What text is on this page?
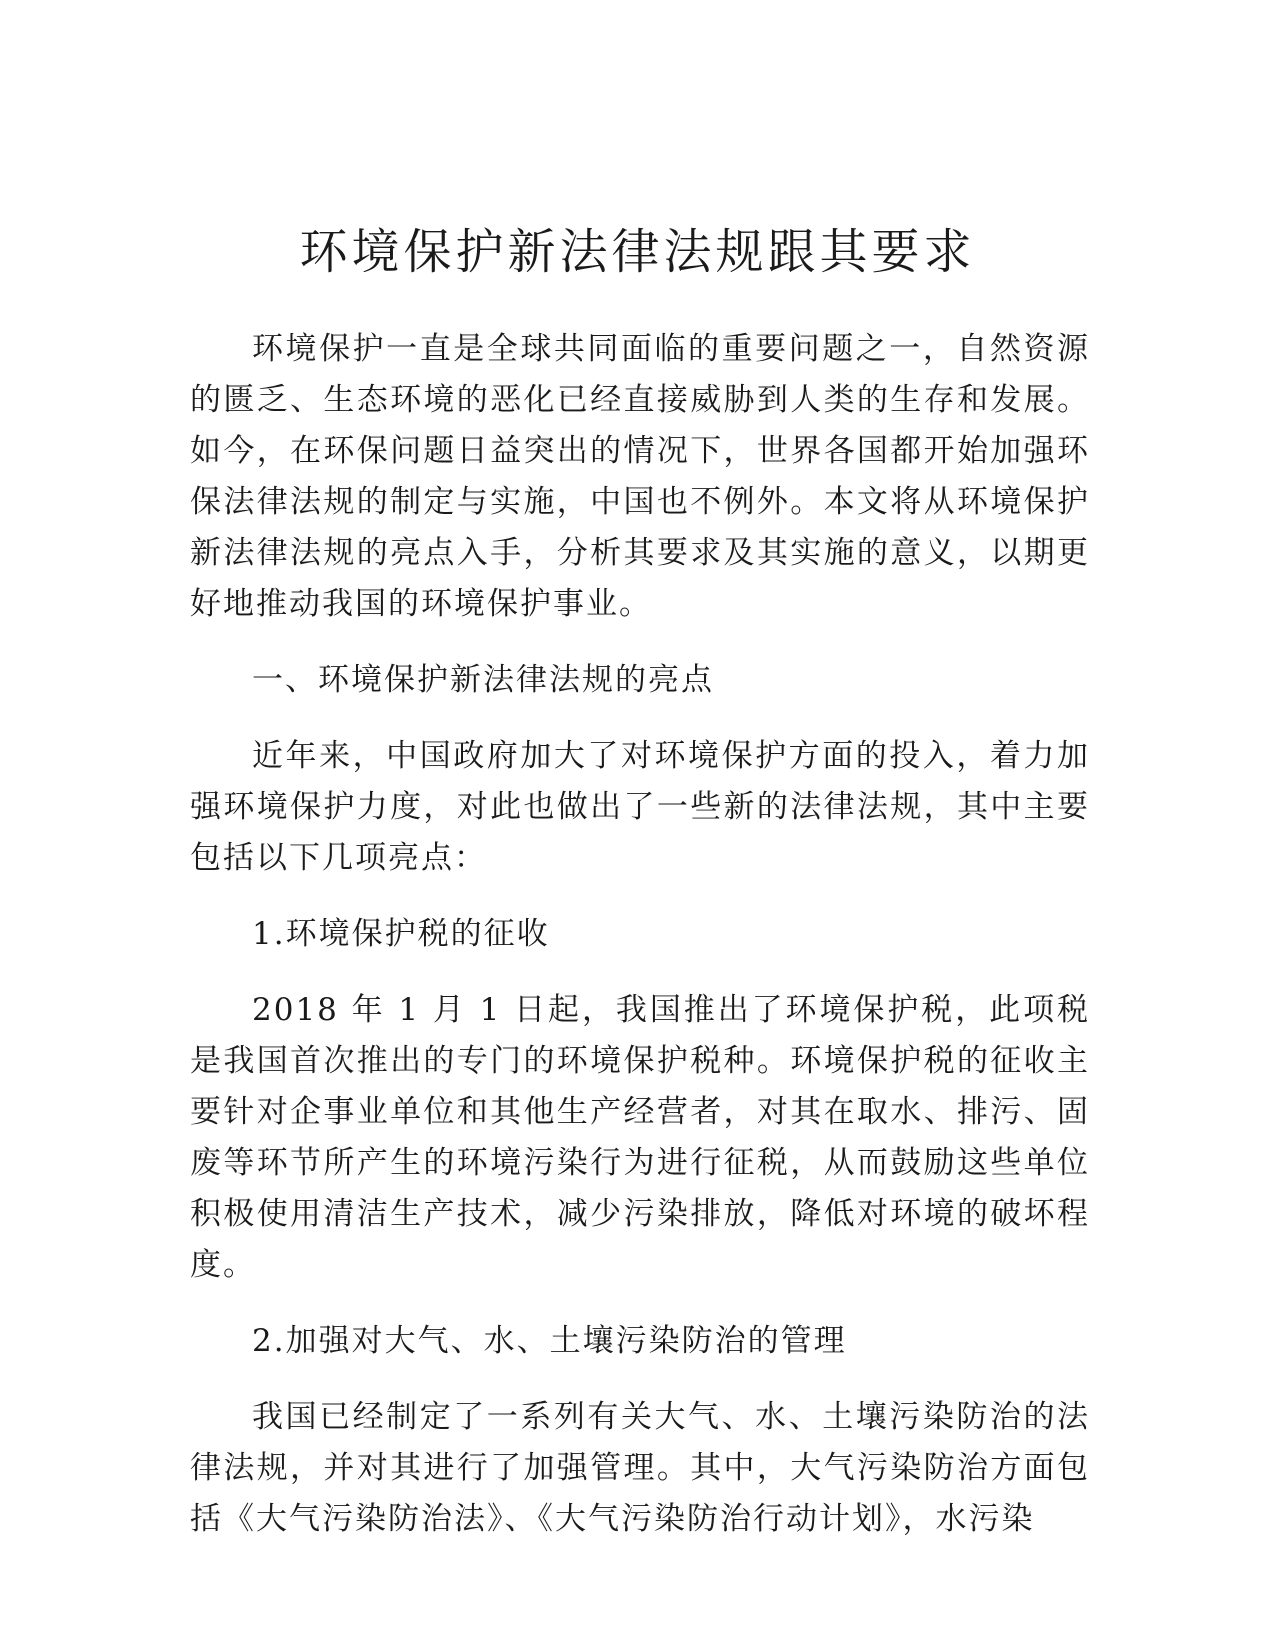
环境保护新法律法规跟其要求

环境保护一直是全球共同面临的重要问题之一，自然资源的匮乏、生态环境的恶化已经直接威胁到人类的生存和发展。如今，在环保问题日益突出的情况下，世界各国都开始加强环保法律法规的制定与实施，中国也不例外。本文将从环境保护新法律法规的亮点入手，分析其要求及其实施的意义，以期更好地推动我国的环境保护事业。

一、环境保护新法律法规的亮点

近年来，中国政府加大了对环境保护方面的投入，着力加强环境保护力度，对此也做出了一些新的法律法规，其中主要包括以下几项亮点：

1.环境保护税的征收

2018 年 1 月 1 日起，我国推出了环境保护税，此项税是我国首次推出的专门的环境保护税种。环境保护税的征收主要针对企事业单位和其他生产经营者，对其在取水、排污、固废等环节所产生的环境污染行为进行征税，从而鼓励这些单位积极使用清洁生产技术，减少污染排放，降低对环境的破坏程度。

2.加强对大气、水、土壤污染防治的管理

我国已经制定了一系列有关大气、水、土壤污染防治的法律法规，并对其进行了加强管理。其中，大气污染防治方面包括《大气污染防治法》、《大气污染防治行动计划》，水污染
